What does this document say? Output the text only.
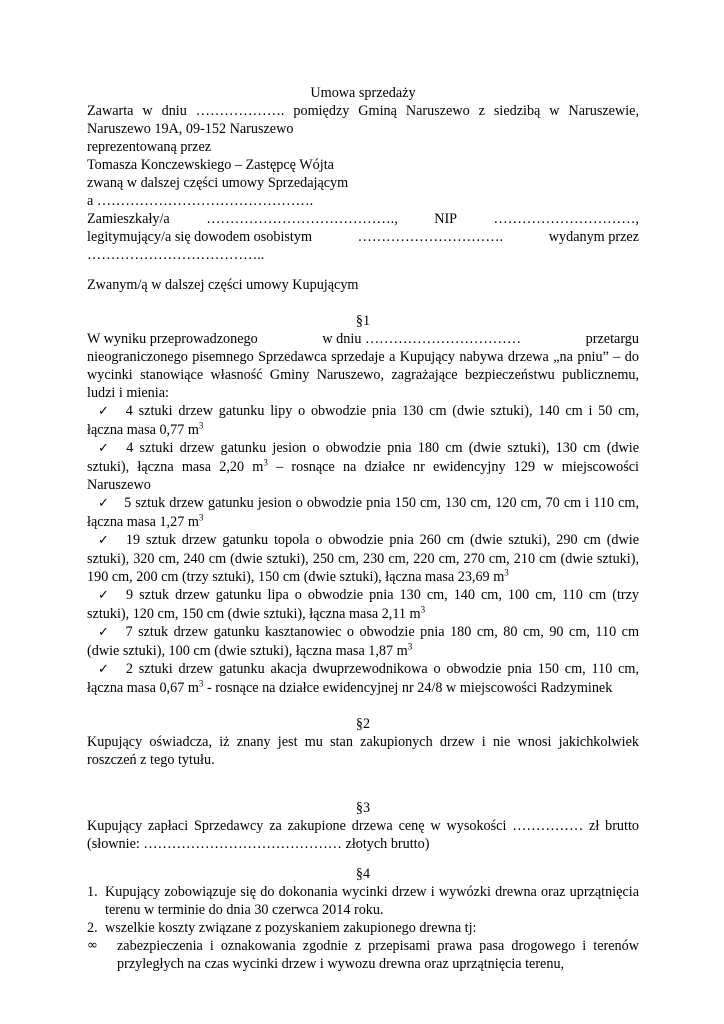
Umowa sprzedaży

Zawarta w dniu ………………. pomiędzy Gminą Naruszewo z siedzibą w Naruszewie,

Naruszewo 19A, 09-152 Naruszewo

reprezentowaną przez

Tomasza Konczewskiego – Zastępcę Wójta

zwaną w dalszej części umowy Sprzedającym

a ……………………………………….

Zamieszkały/a	………………………………….,	NIP	…………………………,
legitymujący/a się dowodem osobistym	………………………….	wydanym przez

………………………………..

Zwanym/ą w dalszej części umowy Kupującym

§1

W wyniku przeprowadzonego	w dniu ……………………………	przetargu

nieograniczonego pisemnego Sprzedawca sprzedaje a Kupujący nabywa drzewa „na pniu” – do wycinki stanowiące własność Gminy Naruszewo, zagrażające bezpieczeństwu publicznemu, ludzi i mienia:

✓ 4 sztuki drzew gatunku lipy o obwodzie pnia 130 cm (dwie sztuki), 140 cm i 50 cm, łączna masa 0,77 $m^3$
✓ 4 sztuki drzew gatunku jesion o obwodzie pnia 180 cm (dwie sztuki), 130 cm (dwie sztuki), łączna masa 2,20 $m^3$ – rosnące na działce nr ewidencyjny 129 w miejscowości Naruszewo
✓ 5 sztuk drzew gatunku jesion o obwodzie pnia 150 cm, 130 cm, 120 cm, 70 cm i 110 cm, łączna masa 1,27 $m^3$
✓ 19 sztuk drzew gatunku topola o obwodzie pnia 260 cm (dwie sztuki), 290 cm (dwie sztuki), 320 cm, 240 cm (dwie sztuki), 250 cm, 230 cm, 220 cm, 270 cm, 210 cm (dwie sztuki), 190 cm, 200 cm (trzy sztuki), 150 cm (dwie sztuki), łączna masa 23,69 $m^3$
✓ 9 sztuk drzew gatunku lipa o obwodzie pnia 130 cm, 140 cm, 100 cm, 110 cm (trzy sztuki), 120 cm, 150 cm (dwie sztuki), łączna masa 2,11 $m^3$
✓ 7 sztuk drzew gatunku kasztanowiec o obwodzie pnia 180 cm, 80 cm, 90 cm, 110 cm (dwie sztuki), 100 cm (dwie sztuki), łączna masa 1,87 $m^3$
✓ 2 sztuki drzew gatunku akacja dwuprzewodnikowa o obwodzie pnia 150 cm, 110 cm, łączna masa 0,67 $m^3$ - rosnące na działce ewidencyjnej nr 24/8 w miejscowości Radzyminek

§2

Kupujący oświadcza, iż znany jest mu stan zakupionych drzew i nie wnosi jakichkolwiek roszczeń z tego tytułu.

§3

Kupujący zapłaci Sprzedawcy za zakupione drzewa cenę w wysokości …………… zł brutto

(słownie: …………………………………… złotych brutto)

§4

1. Kupujący zobowiązuje się do dokonania wycinki drzew i wywózki drewna oraz uprzątnięcia terenu w terminie do dnia 30 czerwca 2014 roku.
2. wszelkie koszty związane z pozyskaniem zakupionego drewna tj:
∞ zabezpieczenia i oznakowania zgodnie z przepisami prawa pasa drogowego i terenów przyległych na czas wycinki drzew i wywozu drewna oraz uprzątnięcia terenu,
